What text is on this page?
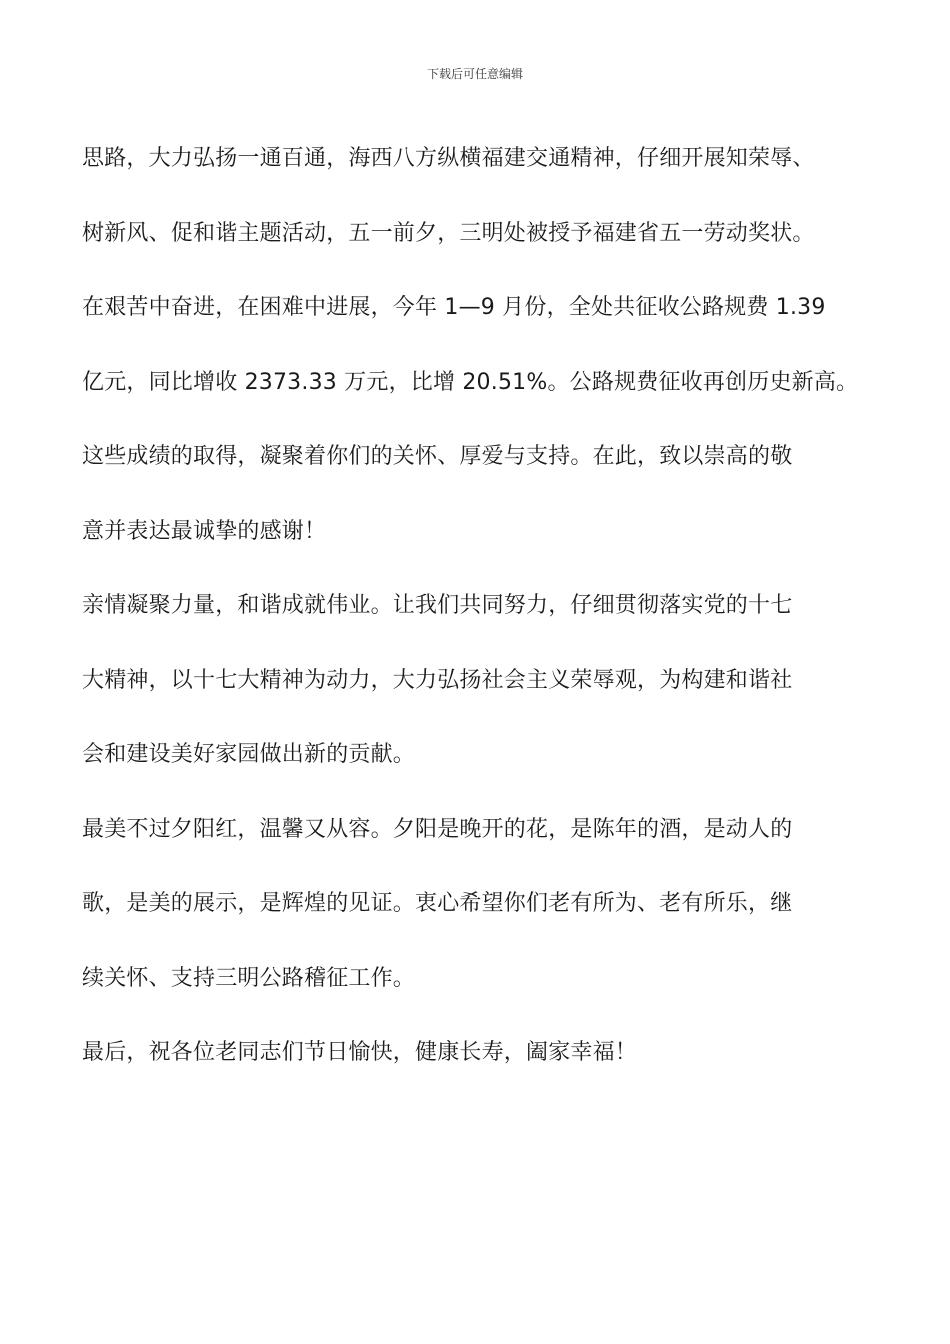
下载后可任意编辑
思路，大力弘扬一通百通，海西八方纵横福建交通精神，仔细开展知荣辱、
树新风、促和谐主题活动，五一前夕，三明处被授予福建省五一劳动奖状。
在艰苦中奋进，在困难中进展，今年 1—9 月份，全处共征收公路规费 1.39
亿元，同比增收 2373.33 万元，比增 20.51%。公路规费征收再创历史新高。
这些成绩的取得，凝聚着你们的关怀、厚爱与支持。在此，致以崇高的敬
意并表达最诚挚的感谢！
亲情凝聚力量，和谐成就伟业。让我们共同努力，仔细贯彻落实党的十七
大精神，以十七大精神为动力，大力弘扬社会主义荣辱观，为构建和谐社
会和建设美好家园做出新的贡献。
最美不过夕阳红，温馨又从容。夕阳是晚开的花，是陈年的酒，是动人的
歌，是美的展示，是辉煌的见证。衷心希望你们老有所为、老有所乐，继
续关怀、支持三明公路稽征工作。
最后，祝各位老同志们节日愉快，健康长寿，阖家幸福！
